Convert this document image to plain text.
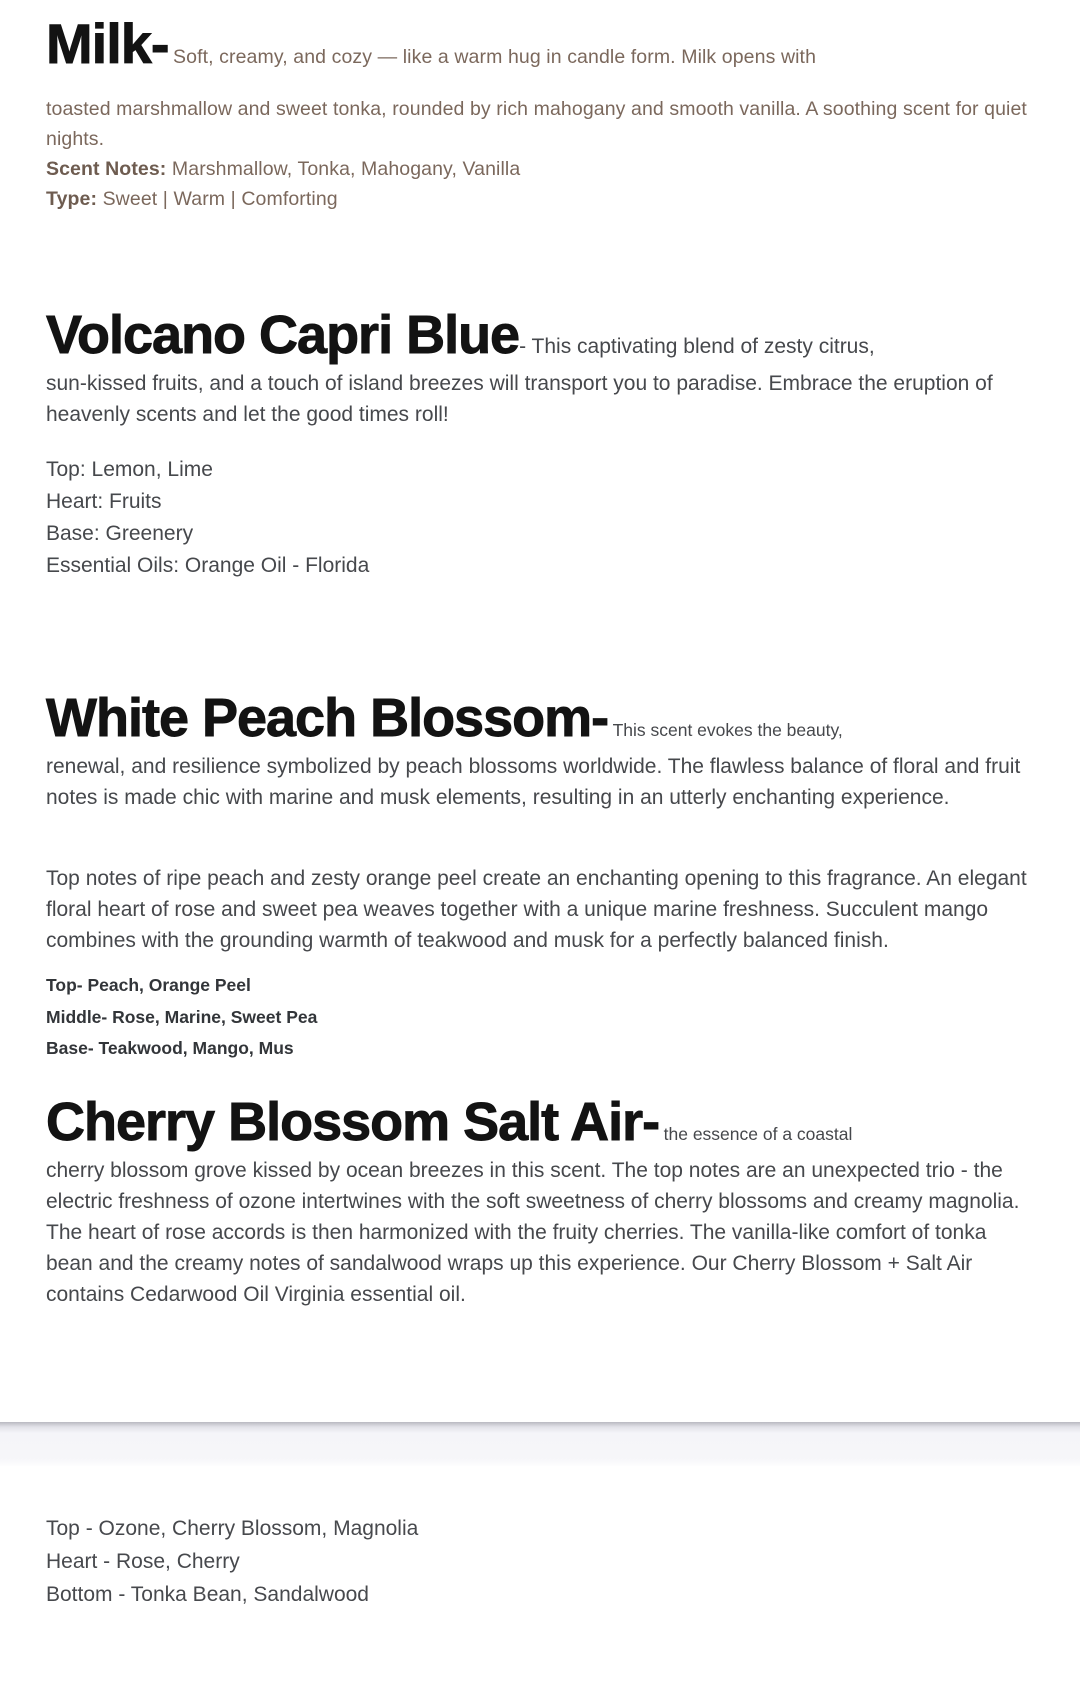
Milk- Soft, creamy, and cozy — like a warm hug in candle form. Milk opens with

toasted marshmallow and sweet tonka, rounded by rich mahogany and smooth vanilla. A soothing scent for quiet nights.

Scent Notes: Marshmallow, Tonka, Mahogany, Vanilla

Type: Sweet | Warm | Comforting

Volcano Capri Blue- This captivating blend of zesty citrus,

sun-kissed fruits, and a touch of island breezes will transport you to paradise. Embrace the eruption of heavenly scents and let the good times roll!

Top: Lemon, Lime
Heart: Fruits
Base: Greenery
Essential Oils: Orange Oil - Florida

White Peach Blossom- This scent evokes the beauty,

renewal, and resilience symbolized by peach blossoms worldwide. The flawless balance of floral and fruit notes is made chic with marine and musk elements, resulting in an utterly enchanting experience.

Top notes of ripe peach and zesty orange peel create an enchanting opening to this fragrance. An elegant floral heart of rose and sweet pea weaves together with a unique marine freshness. Succulent mango combines with the grounding warmth of teakwood and musk for a perfectly balanced finish.

Top- Peach, Orange Peel
Middle- Rose, Marine, Sweet Pea
Base- Teakwood, Mango, Mus

Cherry Blossom Salt Air- the essence of a coastal

cherry blossom grove kissed by ocean breezes in this scent. The top notes are an unexpected trio - the electric freshness of ozone intertwines with the soft sweetness of cherry blossoms and creamy magnolia. The heart of rose accords is then harmonized with the fruity cherries. The vanilla-like comfort of tonka bean and the creamy notes of sandalwood wraps up this experience. Our Cherry Blossom + Salt Air contains Cedarwood Oil Virginia essential oil.

Top - Ozone, Cherry Blossom, Magnolia
Heart - Rose, Cherry
Bottom - Tonka Bean, Sandalwood
